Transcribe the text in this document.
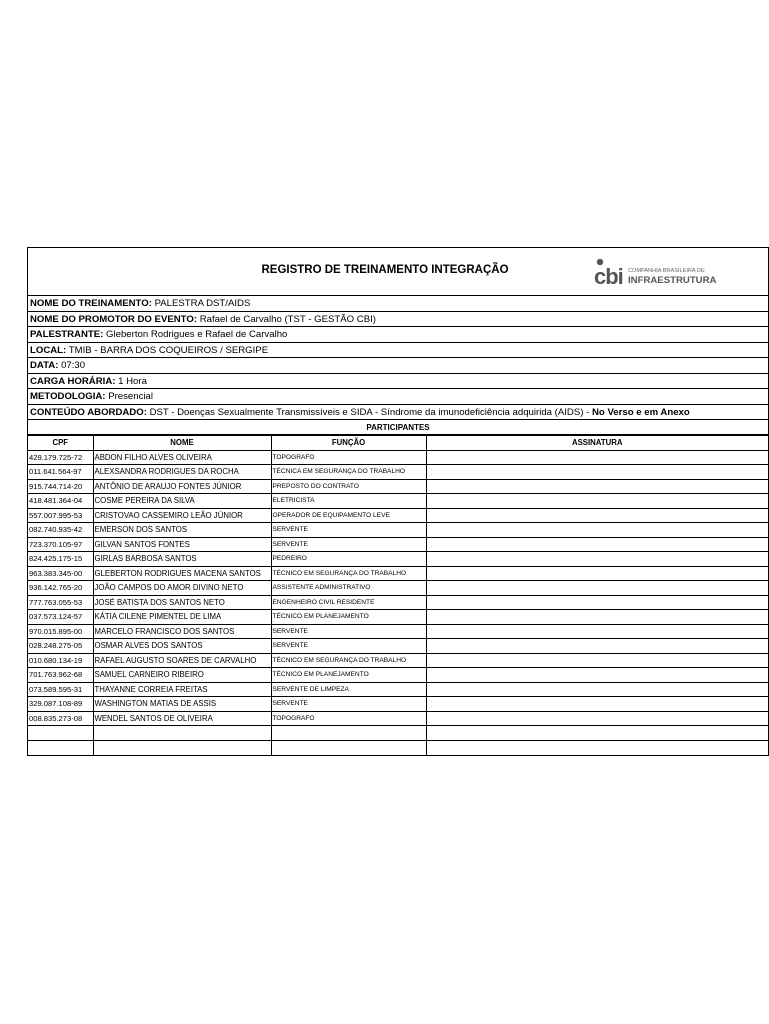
REGISTRO DE TREINAMENTO INTEGRAÇÃO	cbi COMPANHIA BRASILEIRA DE
INFRAESTRUTURA
NOME DO TREINAMENTO: PALESTRA DST/AIDS
NOME DO PROMOTOR DO EVENTO: Rafael de Carvalho (TST - GESTÃO CBI)
PALESTRANTE: Gleberton Rodrigues e Rafael de Carvalho
LOCAL: TMIB - BARRA DOS COQUEIROS / SERGIPE
DATA: 07:30
CARGA HORÁRIA: 1 Hora
METODOLOGIA: Presencial
CONTEÚDO ABORDADO: DST - Doenças Sexualmente Transmissíveis e SIDA - Síndrome da imunodeficiência adquirida (AIDS) - No Verso e em Anexo
PARTICIPANTES
CPF	NOME	FUNÇÃO	ASSINATURA
429.179.725-72	ABDON FILHO ALVES OLIVEIRA	TOPOGRAFO	
011.641.564-97	ALEXSANDRA RODRIGUES DA ROCHA	TÉCNICA EM SEGURANÇA DO TRABALHO	
915.744.714-20	ANTÔNIO DE ARAUJO FONTES JÚNIOR	PREPOSTO DO CONTRATO	
418.481.364-04	COSME PEREIRA DA SILVA	ELETRICISTA	
557.007.995-53	CRISTOVAO CASSEMIRO LEÃO JÚNIOR	OPERADOR DE EQUIPAMENTO LEVE	
082.740.935-42	EMERSON DOS SANTOS	SERVENTE	
723.370.105-97	GILVAN SANTOS FONTES	SERVENTE	
824.425.175-15	GIRLAS BARBOSA SANTOS	PEDREIRO	
963.383.345-00	GLEBERTON RODRIGUES MACENA SANTOS	TÉCNICO EM SEGURANÇA DO TRABALHO	
936.142.765-20	JOÃO CAMPOS DO AMOR DIVINO NETO	ASSISTENTE ADMINISTRATIVO	
777.763.055-53	JOSÉ BATISTA DOS SANTOS NETO	ENGENHEIRO CIVIL RESIDENTE	
037.573.124-57	KÁTIA CILENE PIMENTEL DE LIMA	TÉCNICO EM PLANEJAMENTO	
970.015.895-00	MARCELO FRANCISCO DOS SANTOS	SERVENTE	
028.248.275-05	OSMAR ALVES DOS SANTOS	SERVENTE	
010.680.134-19	RAFAEL AUGUSTO SOARES DE CARVALHO	TÉCNICO EM SEGURANÇA DO TRABALHO	
701.763.962-68	SAMUEL CARNEIRO RIBEIRO	TÉCNICO EM PLANEJAMENTO	
073.589.595-31	THAYANNE CORREIA FREITAS	SERVENTE DE LIMPEZA	
329.087.108-89	WASHINGTON MATIAS DE ASSIS	SERVENTE	
008.835.273-08	WENDEL SANTOS DE OLIVEIRA	TOPOGRAFO	
